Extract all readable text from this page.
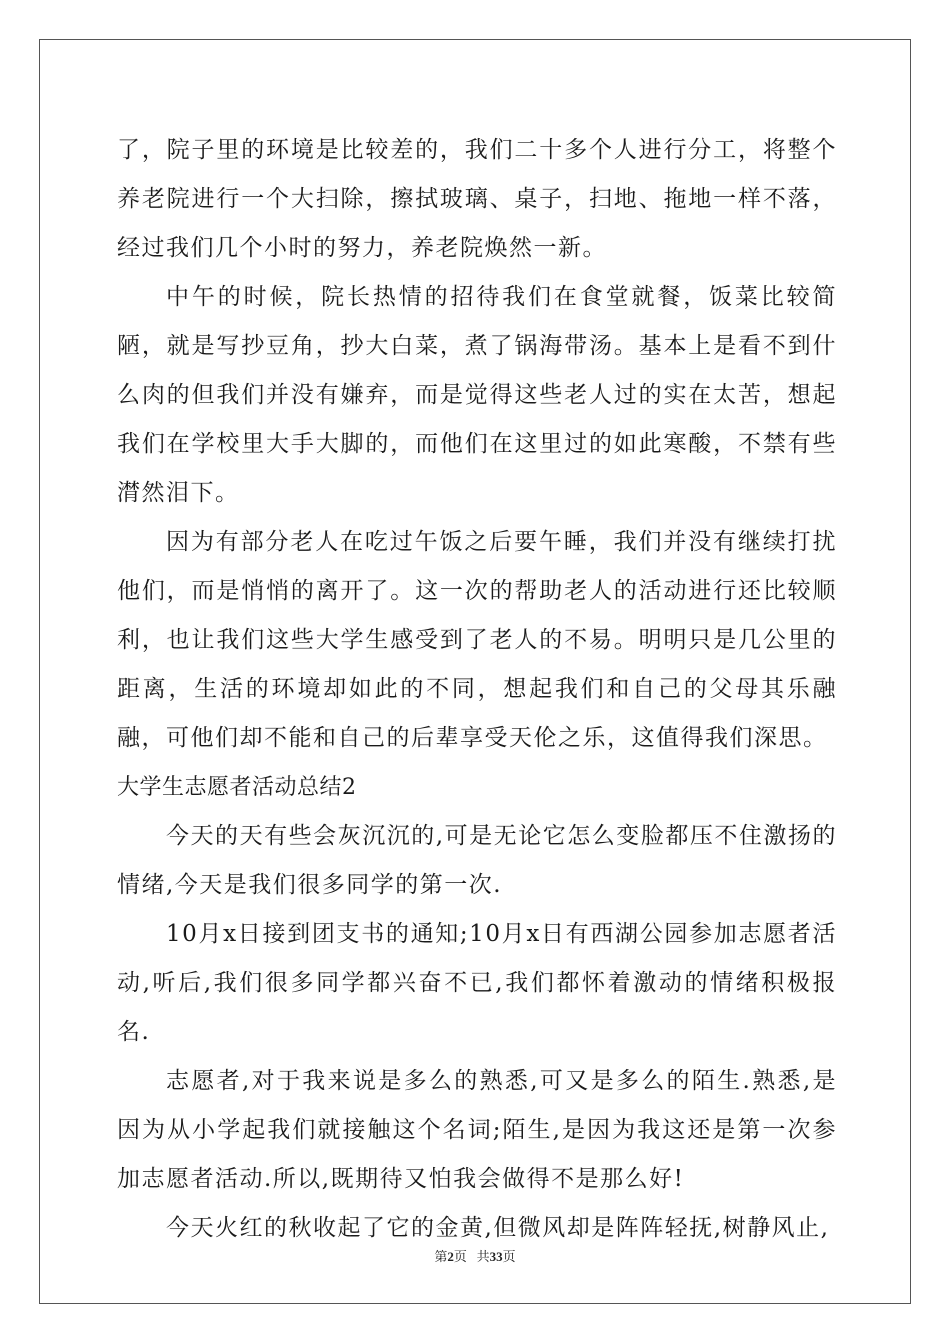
了，院子里的环境是比较差的，我们二十多个人进行分工，将整个养老院进行一个大扫除，擦拭玻璃、桌子，扫地、拖地一样不落，经过我们几个小时的努力，养老院焕然一新。

中午的时候，院长热情的招待我们在食堂就餐，饭菜比较简陋，就是写抄豆角，抄大白菜，煮了锅海带汤。基本上是看不到什么肉的但我们并没有嫌弃，而是觉得这些老人过的实在太苦，想起我们在学校里大手大脚的，而他们在这里过的如此寒酸，不禁有些潸然泪下。

因为有部分老人在吃过午饭之后要午睡，我们并没有继续打扰他们，而是悄悄的离开了。这一次的帮助老人的活动进行还比较顺利，也让我们这些大学生感受到了老人的不易。明明只是几公里的距离，生活的环境却如此的不同，想起我们和自己的父母其乐融融，可他们却不能和自己的后辈享受天伦之乐，这值得我们深思。

大学生志愿者活动总结2

今天的天有些会灰沉沉的,可是无论它怎么变脸都压不住激扬的情绪,今天是我们很多同学的第一次.

10月x日接到团支书的通知;10月x日有西湖公园参加志愿者活动,听后,我们很多同学都兴奋不已,我们都怀着激动的情绪积极报名.

志愿者,对于我来说是多么的熟悉,可又是多么的陌生.熟悉,是因为从小学起我们就接触这个名词;陌生,是因为我这还是第一次参加志愿者活动.所以,既期待又怕我会做得不是那么好!

今天火红的秋收起了它的金黄,但微风却是阵阵轻抚,树静风止,

第2页 共33页
